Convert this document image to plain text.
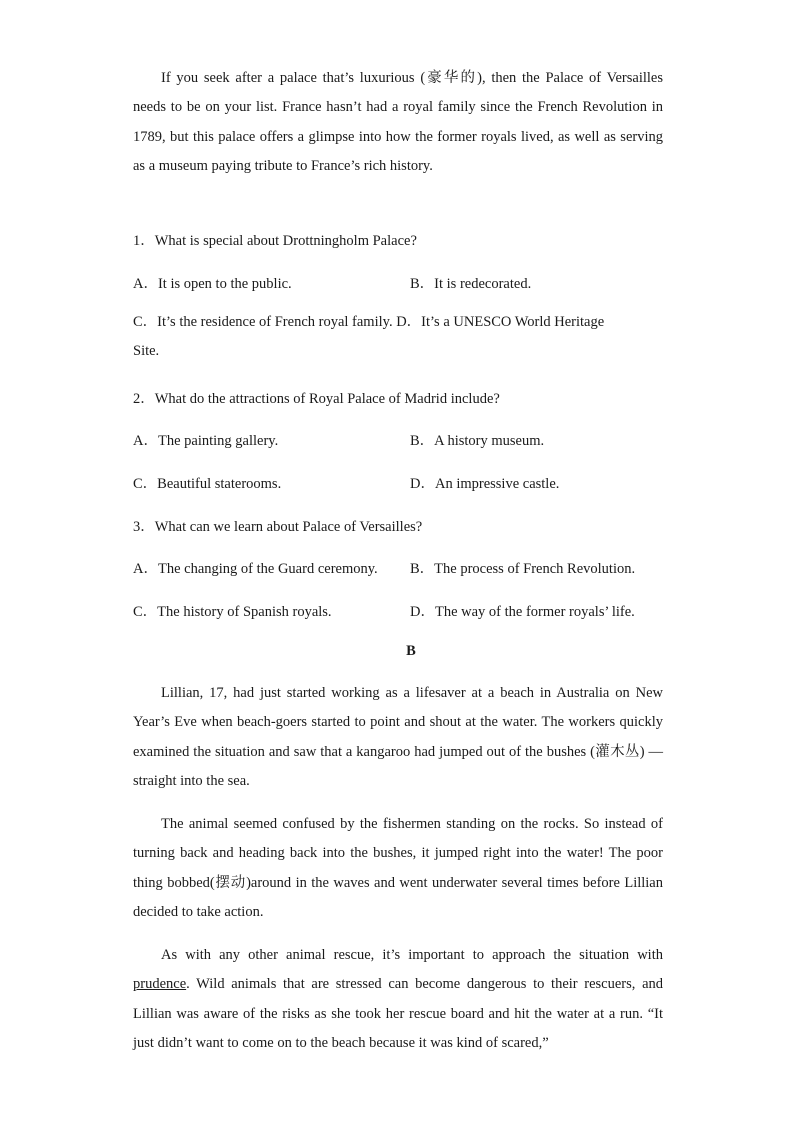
If you seek after a palace that’s luxurious (豪华的), then the Palace of Versailles needs to be on your list. France hasn’t had a royal family since the French Revolution in 1789, but this palace offers a glimpse into how the former royals lived, as well as serving as a museum paying tribute to France’s rich history.

1．What is special about Drottningholm Palace?

A．It is open to the public.	B．It is redecorated.

C．It’s the residence of French royal family. D．It’s a UNESCO World Heritage Site.

2．What do the attractions of Royal Palace of Madrid include?

A．The painting gallery.	B．A history museum.

C．Beautiful staterooms.	D．An impressive castle.

3．What can we learn about Palace of Versailles?

A．The changing of the Guard ceremony. B．The process of French Revolution.

C．The history of Spanish royals.	D．The way of the former royals’ life.

B

Lillian, 17, had just started working as a lifesaver at a beach in Australia on New Year’s Eve when beach-goers started to point and shout at the water. The workers quickly examined the situation and saw that a kangaroo had jumped out of the bushes (灌木丛) — straight into the sea.

The animal seemed confused by the fishermen standing on the rocks. So instead of turning back and heading back into the bushes, it jumped right into the water! The poor thing bobbed(摆动)around in the waves and went underwater several times before Lillian decided to take action.

As with any other animal rescue, it’s important to approach the situation with prudence. Wild animals that are stressed can become dangerous to their rescuers, and Lillian was aware of the risks as she took her rescue board and hit the water at a run. “It just didn’t want to come on to the beach because it was kind of scared,”
